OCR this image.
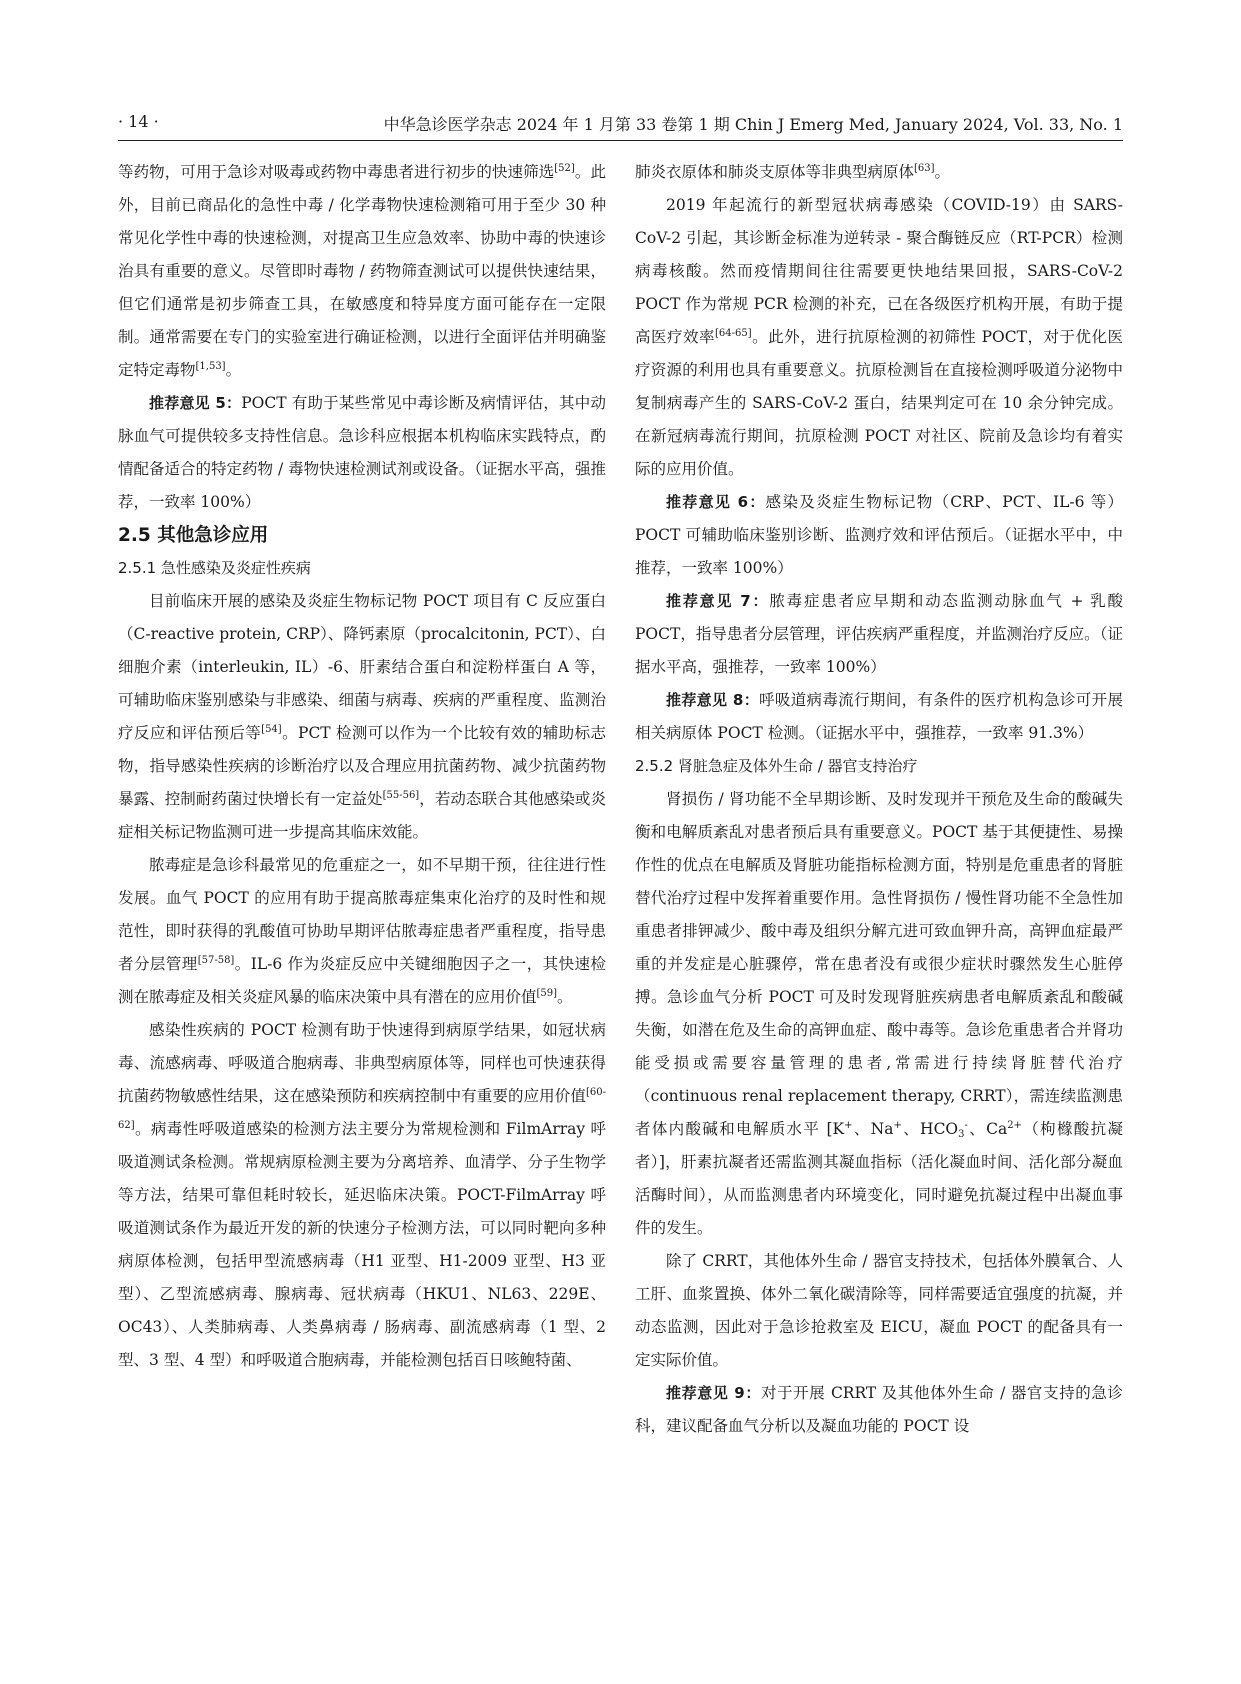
· 14 ·	中华急诊医学杂志 2024 年 1 月第 33 卷第 1 期 Chin J Emerg Med, January 2024, Vol. 33, No. 1

等药物，可用于急诊对吸毒或药物中毒患者进行初步的快速筛选[52]。此外，目前已商品化的急性中毒 / 化学毒物快速检测箱可用于至少 30 种常见化学性中毒的快速检测，对提高卫生应急效率、协助中毒的快速诊治具有重要的意义。尽管即时毒物 / 药物筛查测试可以提供快速结果，但它们通常是初步筛查工具，在敏感度和特异度方面可能存在一定限制。通常需要在专门的实验室进行确证检测，以进行全面评估并明确鉴定特定毒物[1,53]。

推荐意见 5：POCT 有助于某些常见中毒诊断及病情评估，其中动脉血气可提供较多支持性信息。急诊科应根据本机构临床实践特点，酌情配备适合的特定药物 / 毒物快速检测试剂或设备。（证据水平高，强推荐，一致率 100%）

2.5 其他急诊应用

2.5.1 急性感染及炎症性疾病

目前临床开展的感染及炎症生物标记物 POCT 项目有 C 反应蛋白（C-reactive protein, CRP）、降钙素原（procalcitonin, PCT）、白细胞介素（interleukin, IL）-6、肝素结合蛋白和淀粉样蛋白 A 等，可辅助临床鉴别感染与非感染、细菌与病毒、疾病的严重程度、监测治疗反应和评估预后等[54]。PCT 检测可以作为一个比较有效的辅助标志物，指导感染性疾病的诊断治疗以及合理应用抗菌药物、减少抗菌药物暴露、控制耐药菌过快增长有一定益处[55-56]，若动态联合其他感染或炎症相关标记物监测可进一步提高其临床效能。

脓毒症是急诊科最常见的危重症之一，如不早期干预，往往进行性发展。血气 POCT 的应用有助于提高脓毒症集束化治疗的及时性和规范性，即时获得的乳酸值可协助早期评估脓毒症患者严重程度，指导患者分层管理[57-58]。IL-6 作为炎症反应中关键细胞因子之一，其快速检测在脓毒症及相关炎症风暴的临床决策中具有潜在的应用价值[59]。

感染性疾病的 POCT 检测有助于快速得到病原学结果，如冠状病毒、流感病毒、呼吸道合胞病毒、非典型病原体等，同样也可快速获得抗菌药物敏感性结果，这在感染预防和疾病控制中有重要的应用价值[60-62]。病毒性呼吸道感染的检测方法主要分为常规检测和 FilmArray 呼吸道测试条检测。常规病原检测主要为分离培养、血清学、分子生物学等方法，结果可靠但耗时较长，延迟临床决策。POCT-FilmArray 呼吸道测试条作为最近开发的新的快速分子检测方法，可以同时靶向多种病原体检测，包括甲型流感病毒（H1 亚型、H1-2009 亚型、H3 亚型）、乙型流感病毒、腺病毒、冠状病毒（HKU1、NL63、229E、OC43）、人类肺病毒、人类鼻病毒 / 肠病毒、副流感病毒（1 型、2 型、3 型、4 型）和呼吸道合胞病毒，并能检测包括百日咳鲍特菌、

肺炎衣原体和肺炎支原体等非典型病原体[63]。

2019 年起流行的新型冠状病毒感染（COVID-19）由 SARS-CoV-2 引起，其诊断金标准为逆转录 - 聚合酶链反应（RT-PCR）检测病毒核酸。然而疫情期间往往需要更快地结果回报，SARS-CoV-2 POCT 作为常规 PCR 检测的补充，已在各级医疗机构开展，有助于提高医疗效率[64-65]。此外，进行抗原检测的初筛性 POCT，对于优化医疗资源的利用也具有重要意义。抗原检测旨在直接检测呼吸道分泌物中复制病毒产生的 SARS-CoV-2 蛋白，结果判定可在 10 余分钟完成。在新冠病毒流行期间，抗原检测 POCT 对社区、院前及急诊均有着实际的应用价值。

推荐意见 6：感染及炎症生物标记物（CRP、PCT、IL-6 等）POCT 可辅助临床鉴别诊断、监测疗效和评估预后。（证据水平中，中推荐，一致率 100%）

推荐意见 7：脓毒症患者应早期和动态监测动脉血气 + 乳酸 POCT，指导患者分层管理，评估疾病严重程度，并监测治疗反应。（证据水平高，强推荐，一致率 100%）

推荐意见 8：呼吸道病毒流行期间，有条件的医疗机构急诊可开展相关病原体 POCT 检测。（证据水平中，强推荐，一致率 91.3%）

2.5.2 肾脏急症及体外生命 / 器官支持治疗

肾损伤 / 肾功能不全早期诊断、及时发现并干预危及生命的酸碱失衡和电解质紊乱对患者预后具有重要意义。POCT 基于其便捷性、易操作性的优点在电解质及肾脏功能指标检测方面，特别是危重患者的肾脏替代治疗过程中发挥着重要作用。急性肾损伤 / 慢性肾功能不全急性加重患者排钾减少、酸中毒及组织分解亢进可致血钾升高，高钾血症最严重的并发症是心脏骤停，常在患者没有或很少症状时骤然发生心脏停搏。急诊血气分析 POCT 可及时发现肾脏疾病患者电解质紊乱和酸碱失衡，如潜在危及生命的高钾血症、酸中毒等。急诊危重患者合并肾功能受损或需要容量管理的患者,常需进行持续肾脏替代治疗（continuous renal replacement therapy, CRRT），需连续监测患者体内酸碱和电解质水平 [K+、Na+、$HCO_3^-$、$Ca^{2+}$（枸橼酸抗凝者）]，肝素抗凝者还需监测其凝血指标（活化凝血时间、活化部分凝血活酶时间），从而监测患者内环境变化，同时避免抗凝过程中出凝血事件的发生。

除了 CRRT，其他体外生命 / 器官支持技术，包括体外膜氧合、人工肝、血浆置换、体外二氧化碳清除等，同样需要适宜强度的抗凝，并动态监测，因此对于急诊抢救室及 EICU，凝血 POCT 的配备具有一定实际价值。

推荐意见 9：对于开展 CRRT 及其他体外生命 / 器官支持的急诊科，建议配备血气分析以及凝血功能的 POCT 设
